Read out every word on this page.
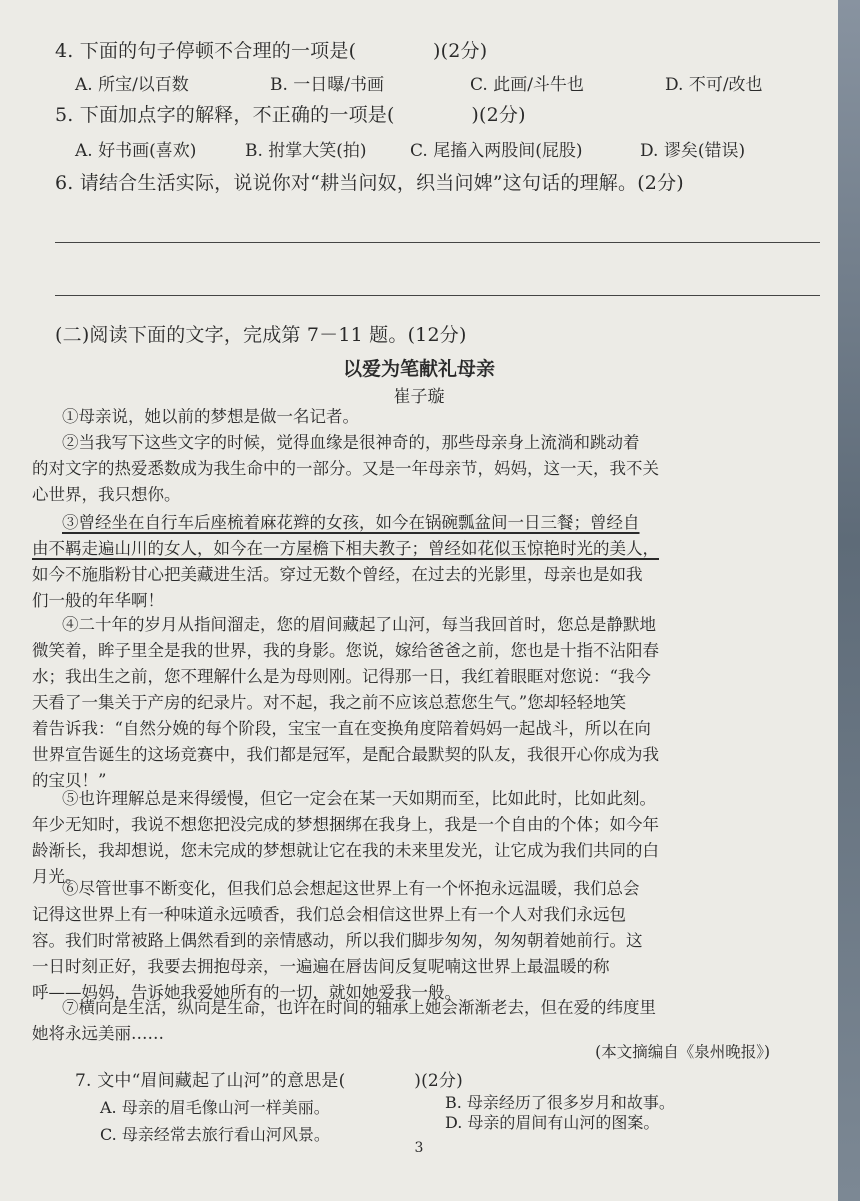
4. 下面的句子停顿不合理的一项是(　　　　)(2分)
A. 所宝/以百数	B. 一日曝/书画	C. 此画/斗牛也	D. 不可/改也
5. 下面加点字的解释，不正确的一项是(　　　　)(2分)
A. 好书画(喜欢)	B. 拊掌大笑(拍)	C. 尾搐入两股间(屁股)	D. 谬矣(错误)
6. 请结合生活实际，说说你对“耕当问奴，织当问婢”这句话的理解。(2分)
(二)阅读下面的文字，完成第 7－11 题。(12分)
以爱为笔献礼母亲
崔子璇
①母亲说，她以前的梦想是做一名记者。
②当我写下这些文字的时候，觉得血缘是很神奇的，那些母亲身上流淌和跳动着
的对文字的热爱悉数成为我生命中的一部分。又是一年母亲节，妈妈，这一天，我不关
心世界，我只想你。
③曾经坐在自行车后座梳着麻花辫的女孩，如今在锅碗瓢盆间一日三餐；曾经自
由不羁走遍山川的女人，如今在一方屋檐下相夫教子；曾经如花似玉惊艳时光的美人，
如今不施脂粉甘心把美藏进生活。穿过无数个曾经，在过去的光影里，母亲也是如我
们一般的年华啊！
④二十年的岁月从指间溜走，您的眉间藏起了山河，每当我回首时，您总是静默地
微笑着，眸子里全是我的世界，我的身影。您说，嫁给爸爸之前，您也是十指不沾阳春
水；我出生之前，您不理解什么是为母则刚。记得那一日，我红着眼眶对您说：“我今
天看了一集关于产房的纪录片。对不起，我之前不应该总惹您生气。”您却轻轻地笑
着告诉我：“自然分娩的每个阶段，宝宝一直在变换角度陪着妈妈一起战斗，所以在向
世界宣告诞生的这场竞赛中，我们都是冠军，是配合最默契的队友，我很开心你成为我
的宝贝！”
⑤也许理解总是来得缓慢，但它一定会在某一天如期而至，比如此时，比如此刻。
年少无知时，我说不想您把没完成的梦想捆绑在我身上，我是一个自由的个体；如今年
龄渐长，我却想说，您未完成的梦想就让它在我的未来里发光，让它成为我们共同的白
月光。
⑥尽管世事不断变化，但我们总会想起这世界上有一个怀抱永远温暖，我们总会
记得这世界上有一种味道永远喷香，我们总会相信这世界上有一个人对我们永远包
容。我们时常被路上偶然看到的亲情感动，所以我们脚步匆匆，匆匆朝着她前行。这
一日时刻正好，我要去拥抱母亲，一遍遍在唇齿间反复呢喃这世界上最温暖的称
呼——妈妈，告诉她我爱她所有的一切，就如她爱我一般。
⑦横向是生活，纵向是生命，也许在时间的轴承上她会渐渐老去，但在爱的纬度里
她将永远美丽……
(本文摘编自《泉州晚报》)
7. 文中“眉间藏起了山河”的意思是(　　　　)(2分)
A. 母亲的眉毛像山河一样美丽。	B. 母亲经历了很多岁月和故事。
C. 母亲经常去旅行看山河风景。
D. 母亲的眉间有山河的图案。
3
